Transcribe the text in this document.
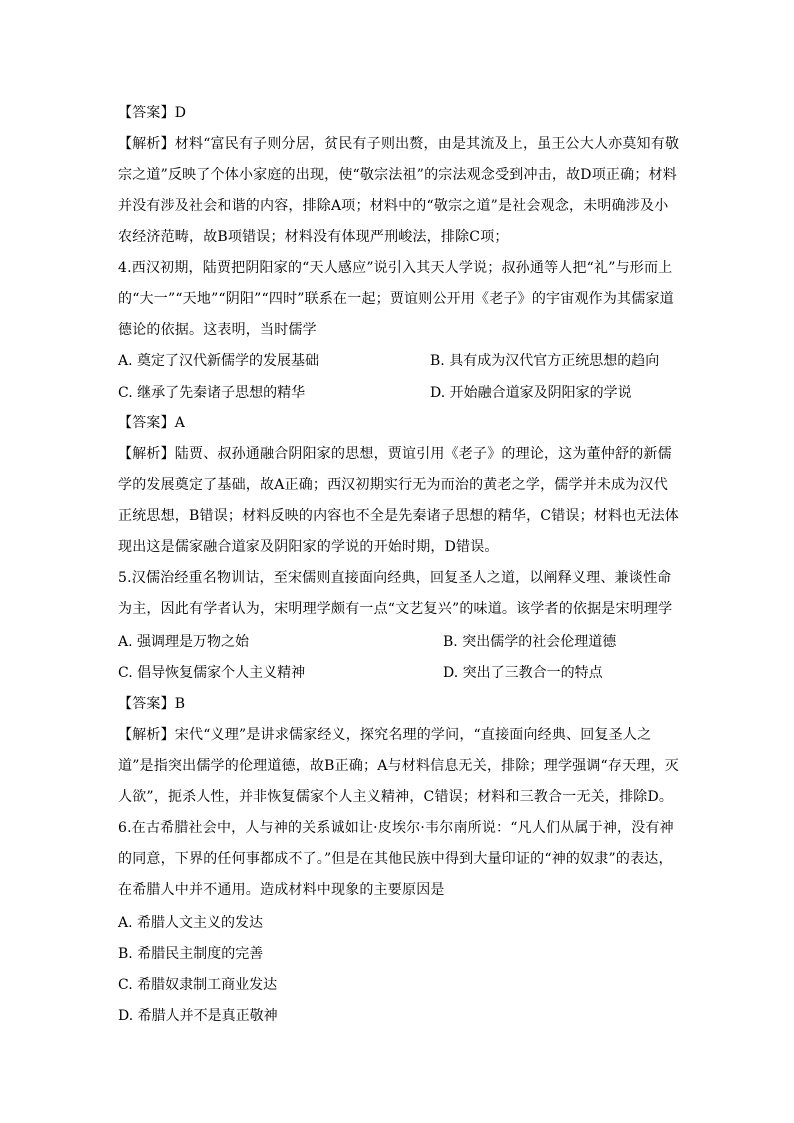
【答案】D
【解析】材料“富民有子则分居，贫民有子则出赘，由是其流及上，虽王公大人亦莫知有敬宗之道”反映了个体小家庭的出现，使“敬宗法祖”的宗法观念受到冲击，故D项正确；材料并没有涉及社会和谐的内容，排除A项；材料中的“敬宗之道”是社会观念，未明确涉及小农经济范畴，故B项错误；材料没有体现严刑峻法，排除C项；
4.西汉初期，陆贾把阴阳家的“天人感应”说引入其天人学说；叔孙通等人把“礼”与形而上的“大一”“天地”“阴阳”“四时”联系在一起；贾谊则公开用《老子》的宇宙观作为其儒家道德论的依据。这表明，当时儒学
A. 奠定了汉代新儒学的发展基础	B. 具有成为汉代官方正统思想的趋向
C. 继承了先秦诸子思想的精华	D. 开始融合道家及阴阳家的学说
【答案】A
【解析】陆贾、叔孙通融合阴阳家的思想，贾谊引用《老子》的理论，这为董仲舒的新儒学的发展奠定了基础，故A正确；西汉初期实行无为而治的黄老之学，儒学并未成为汉代正统思想，B错误；材料反映的内容也不全是先秦诸子思想的精华，C错误；材料也无法体现出这是儒家融合道家及阴阳家的学说的开始时期，D错误。
5.汉儒治经重名物训诂，至宋儒则直接面向经典，回复圣人之道，以阐释义理、兼谈性命为主，因此有学者认为，宋明理学颇有一点“文艺复兴”的味道。该学者的依据是宋明理学
A. 强调理是万物之始	B. 突出儒学的社会伦理道德
C. 倡导恢复儒家个人主义精神	D. 突出了三教合一的特点
【答案】B
【解析】宋代“义理”是讲求儒家经义，探究名理的学问，“直接面向经典、回复圣人之道”是指突出儒学的伦理道德，故B正确；A与材料信息无关，排除；理学强调“存天理，灭人欲”，扼杀人性，并非恢复儒家个人主义精神，C错误；材料和三教合一无关，排除D。
6.在古希腊社会中，人与神的关系诚如让·皮埃尔·韦尔南所说：“凡人们从属于神，没有神的同意，下界的任何事都成不了。”但是在其他民族中得到大量印证的“神的奴隶”的表达，在希腊人中并不通用。造成材料中现象的主要原因是
A. 希腊人文主义的发达
B. 希腊民主制度的完善
C. 希腊奴隶制工商业发达
D. 希腊人并不是真正敬神
